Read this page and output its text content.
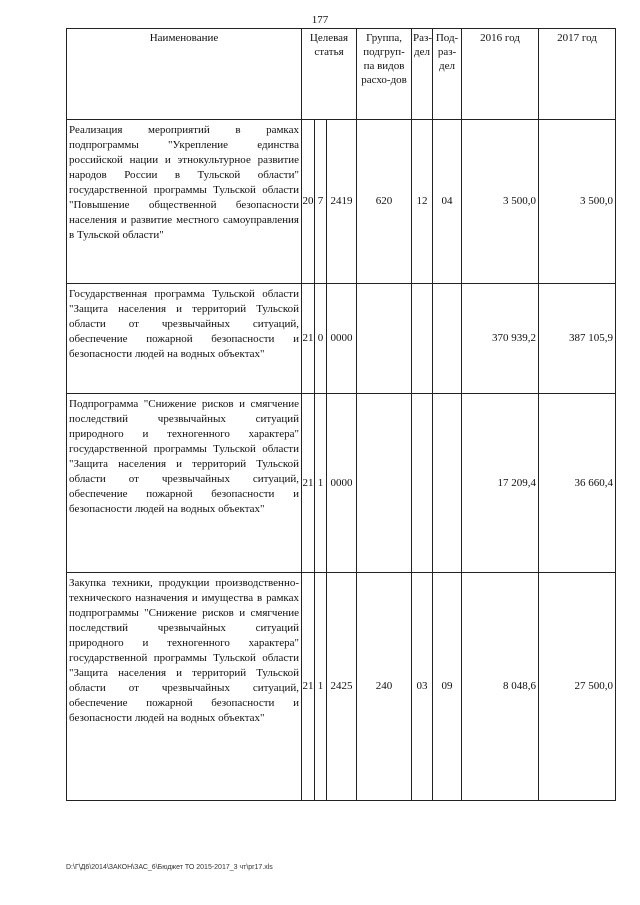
177
Наименование	Целевая статья			Группа, подгруп-па видов расхо-дов	Раз-дел	Под-раз-дел	2016 год	2017 год
Реализация мероприятий в рамках подпрограммы "Укрепление единства российской нации и этнокультурное развитие народов России в Тульской области" государственной программы Тульской области "Повышение общественной безопасности населения и развитие местного самоуправления в Тульской области"	20	7	2419	620	12	04	3 500,0	3 500,0
Государственная программа Тульской области "Защита населения и территорий Тульской области от чрезвычайных ситуаций, обеспечение пожарной безопасности и безопасности людей на водных объектах"	21	0	0000				370 939,2	387 105,9
Подпрограмма "Снижение рисков и смягчение последствий чрезвычайных ситуаций природного и техногенного характера" государственной программы Тульской области "Защита населения и территорий Тульской области от чрезвычайных ситуаций, обеспечение пожарной безопасности и безопасности людей на водных объектах"	21	1	0000				17 209,4	36 660,4
Закупка техники, продукции производственно-технического назначения и имущества в рамках подпрограммы "Снижение рисков и смягчение последствий чрезвычайных ситуаций природного и техногенного характера" государственной программы Тульской области "Защита населения и территорий Тульской области от чрезвычайных ситуаций, обеспечение пожарной безопасности и безопасности людей на водных объектах"	21	1	2425	240	03	09	8 048,6	27 500,0
D:\Г\Д6\2014\ЗАКОН\ЗАС_6\Бюджет ТО 2015-2017_3 чт\pr17.xls
